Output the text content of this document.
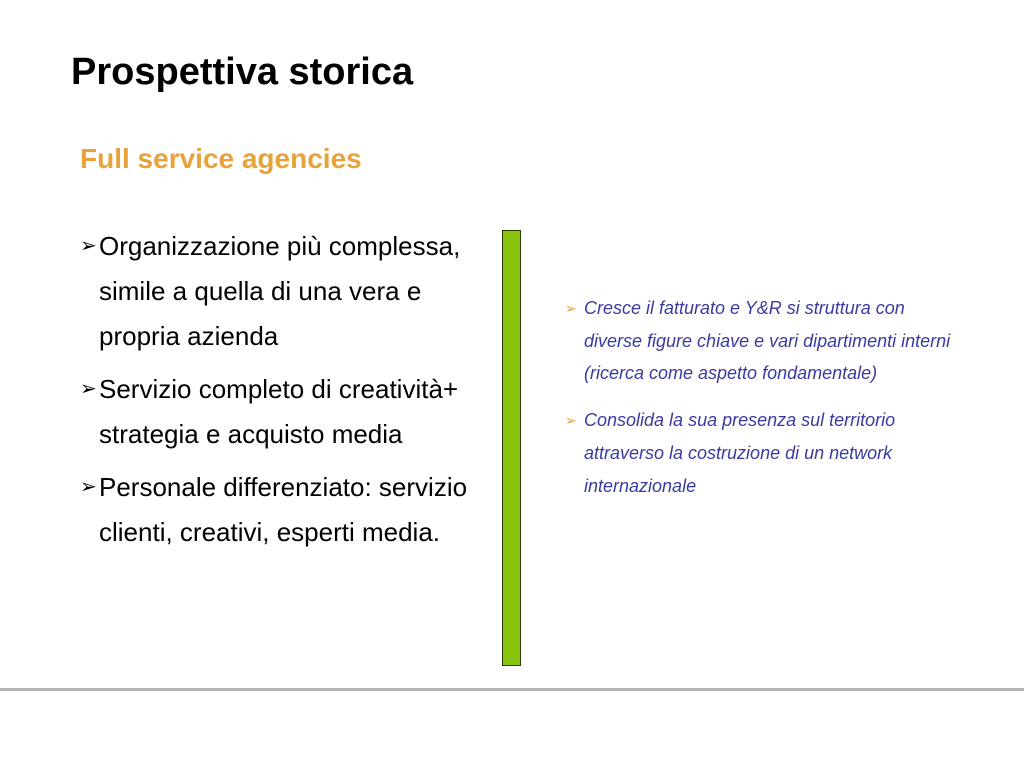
Prospettiva storica
Full service agencies
➢ Organizzazione più complessa, simile a quella di una vera e propria azienda
➢ Servizio completo di creatività+ strategia e acquisto media
➢ Personale differenziato: servizio clienti, creativi, esperti media.
➢ Cresce il fatturato e Y&R si struttura con diverse figure chiave e vari dipartimenti interni (ricerca come aspetto fondamentale)
➢ Consolida la sua presenza sul territorio attraverso la costruzione di un network internazionale
